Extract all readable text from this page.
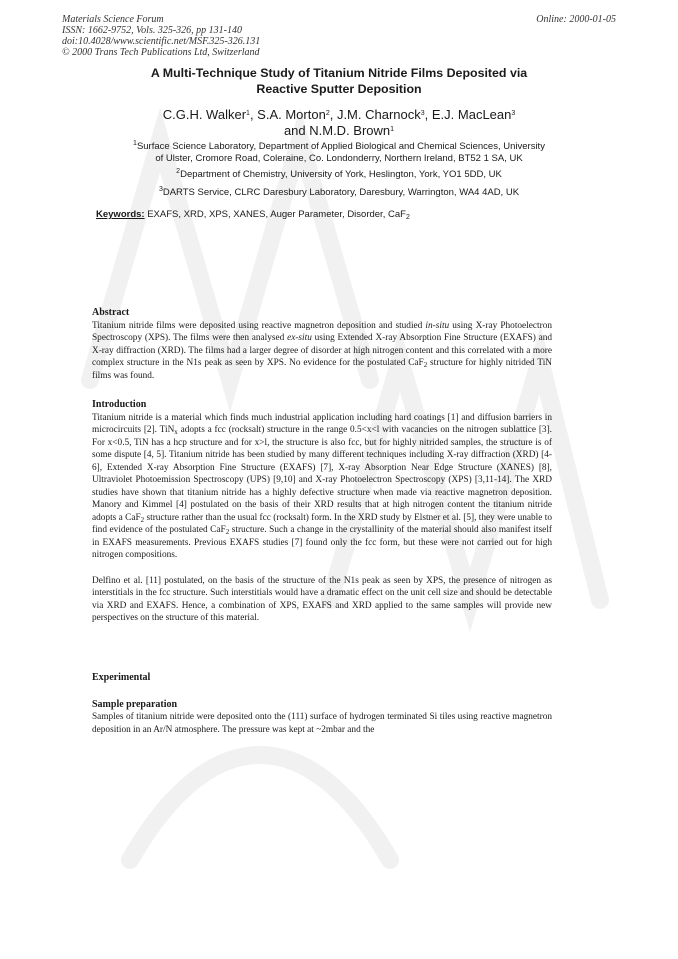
Materials Science Forum
ISSN: 1662-9752, Vols. 325-326, pp 131-140
doi:10.4028/www.scientific.net/MSF.325-326.131
© 2000 Trans Tech Publications Ltd, Switzerland
Online: 2000-01-05
A Multi-Technique Study of Titanium Nitride Films Deposited via
Reactive Sputter Deposition
C.G.H. Walker$^1$, S.A. Morton$^2$, J.M. Charnock$^3$, E.J. MacLean$^3$
and N.M.D. Brown$^1$
$^1$Surface Science Laboratory, Department of Applied Biological and Chemical Sciences, University
of Ulster, Cromore Road, Coleraine, Co. Londonderry, Northern Ireland, BT52 1 SA, UK
$^2$Department of Chemistry, University of York, Heslington, York, YO1 5DD, UK
$^3$DARTS Service, CLRC Daresbury Laboratory, Daresbury, Warrington, WA4 4AD, UK
Keywords: EXAFS, XRD, XPS, XANES, Auger Parameter, Disorder, CaF$_2$
Abstract
Titanium nitride films were deposited using reactive magnetron deposition and studied in-situ using X-ray Photoelectron Spectroscopy (XPS). The films were then analysed ex-situ using Extended X-ray Absorption Fine Structure (EXAFS) and X-ray diffraction (XRD). The films had a larger degree of disorder at high nitrogen content and this correlated with a more complex structure in the N1s peak as seen by XPS. No evidence for the postulated CaF$_2$ structure for highly nitrided TiN films was found.
Introduction
Titanium nitride is a material which finds much industrial application including hard coatings [1] and diffusion barriers in microcircuits [2]. TiN$_x$ adopts a fcc (rocksalt) structure in the range 0.5<x<l with vacancies on the nitrogen sublattice [3]. For x<0.5, TiN has a hcp structure and for x>l, the structure is also fcc, but for highly nitrided samples, the structure is of some dispute [4, 5]. Titanium nitride has been studied by many different techniques including X-ray diffraction (XRD) [4-6], Extended X-ray Absorption Fine Structure (EXAFS) [7], X-ray Absorption Near Edge Structure (XANES) [8], Ultraviolet Photoemission Spectroscopy (UPS) [9,10] and X-ray Photoelectron Spectroscopy (XPS) [3,11-14]. The XRD studies have shown that titanium nitride has a highly defective structure when made via reactive magnetron deposition. Manory and Kimmel [4] postulated on the basis of their XRD results that at high nitrogen content the titanium nitride adopts a CaF$_2$ structure rather than the usual fcc (rocksalt) form. In the XRD study by Elstner et al. [5], they were unable to find evidence of the postulated CaF$_2$ structure. Such a change in the crystallinity of the material should also manifest itself in EXAFS measurements. Previous EXAFS studies [7] found only the fcc form, but these were not carried out for high nitrogen compositions.
Delfino et al. [11] postulated, on the basis of the structure of the N1s peak as seen by XPS, the presence of nitrogen as interstitials in the fcc structure. Such interstitials would have a dramatic effect on the unit cell size and should be detectable via XRD and EXAFS. Hence, a combination of XPS, EXAFS and XRD applied to the same samples will provide new perspectives on the structure of this material.
Experimental
Sample preparation
Samples of titanium nitride were deposited onto the (111) surface of hydrogen terminated Si tiles using reactive magnetron deposition in an Ar/N atmosphere. The pressure was kept at ~2mbar and the
